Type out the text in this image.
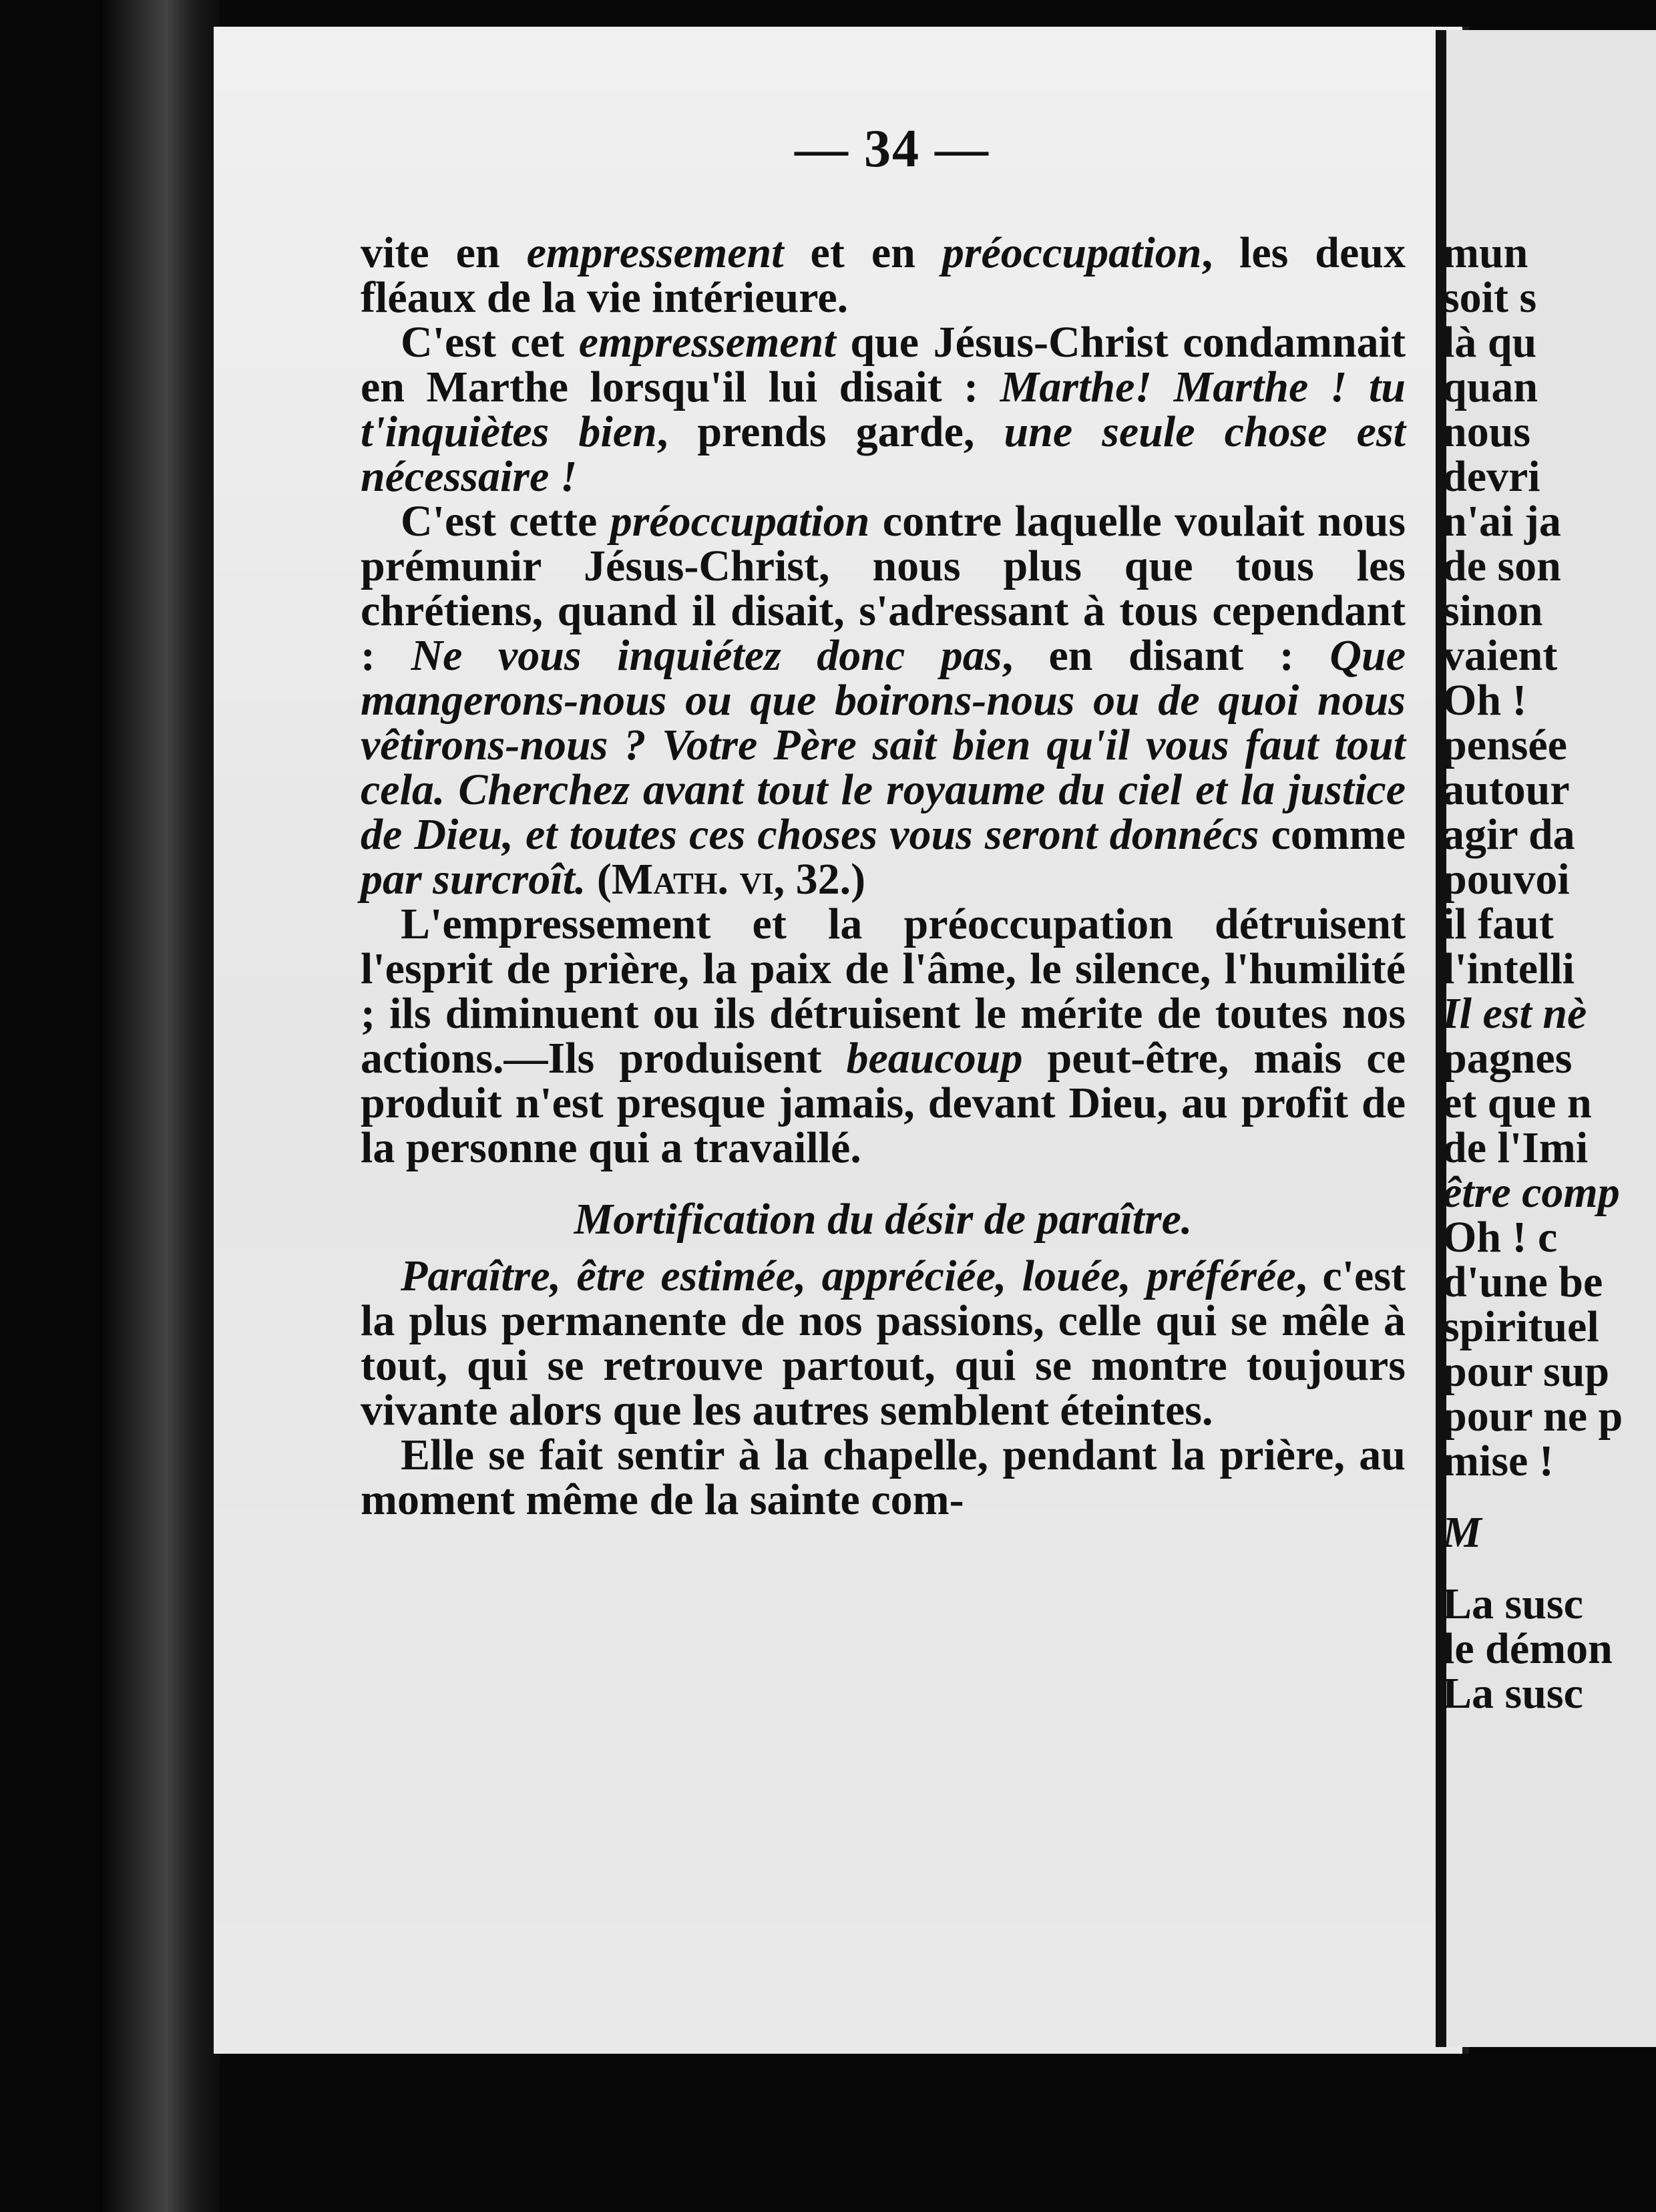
— 34 —

vite en empressement et en préoccupation, les deux fléaux de la vie intérieure.

C'est cet empressement que Jésus-Christ condamnait en Marthe lorsqu'il lui disait : Marthe! Marthe ! tu t'inquiètes bien, prends garde, une seule chose est nécessaire !

C'est cette préoccupation contre laquelle voulait nous prémunir Jésus-Christ, nous plus que tous les chrétiens, quand il disait, s'adressant à tous cependant : Ne vous inquiétez donc pas, en disant : Que mangerons-nous ou que boirons-nous ou de quoi nous vêtirons-nous ? Votre Père sait bien qu'il vous faut tout cela. Cherchez avant tout le royaume du ciel et la justice de Dieu, et toutes ces choses vous seront donnécs comme par surcroît. (Math. vi, 32.)

L'empressement et la préoccupation détruisent l'esprit de prière, la paix de l'âme, le silence, l'humilité ; ils diminuent ou ils détruisent le mérite de toutes nos actions.—Ils produisent beaucoup peut-être, mais ce produit n'est presque jamais, devant Dieu, au profit de la personne qui a travaillé.

Mortification du désir de paraître.

Paraître, être estimée, appréciée, louée, préférée, c'est la plus permanente de nos passions, celle qui se mêle à tout, qui se retrouve partout, qui se montre toujours vivante alors que les autres semblent éteintes.

Elle se fait sentir à la chapelle, pendant la prière, au moment même de la sainte com-

mun
soit s
là qu
quan
nous
devri
n'ai ja
de son
sinon
vaient
Oh !
pensée
autour
agir da
pouvoi
il faut
l'intelli
Il est nè
pagnes
et que n
de l'Imi
être comp
Oh ! c
d'une be
spirituel
pour sup
pour ne p
mise !
M
La susc
le démon
La susc
